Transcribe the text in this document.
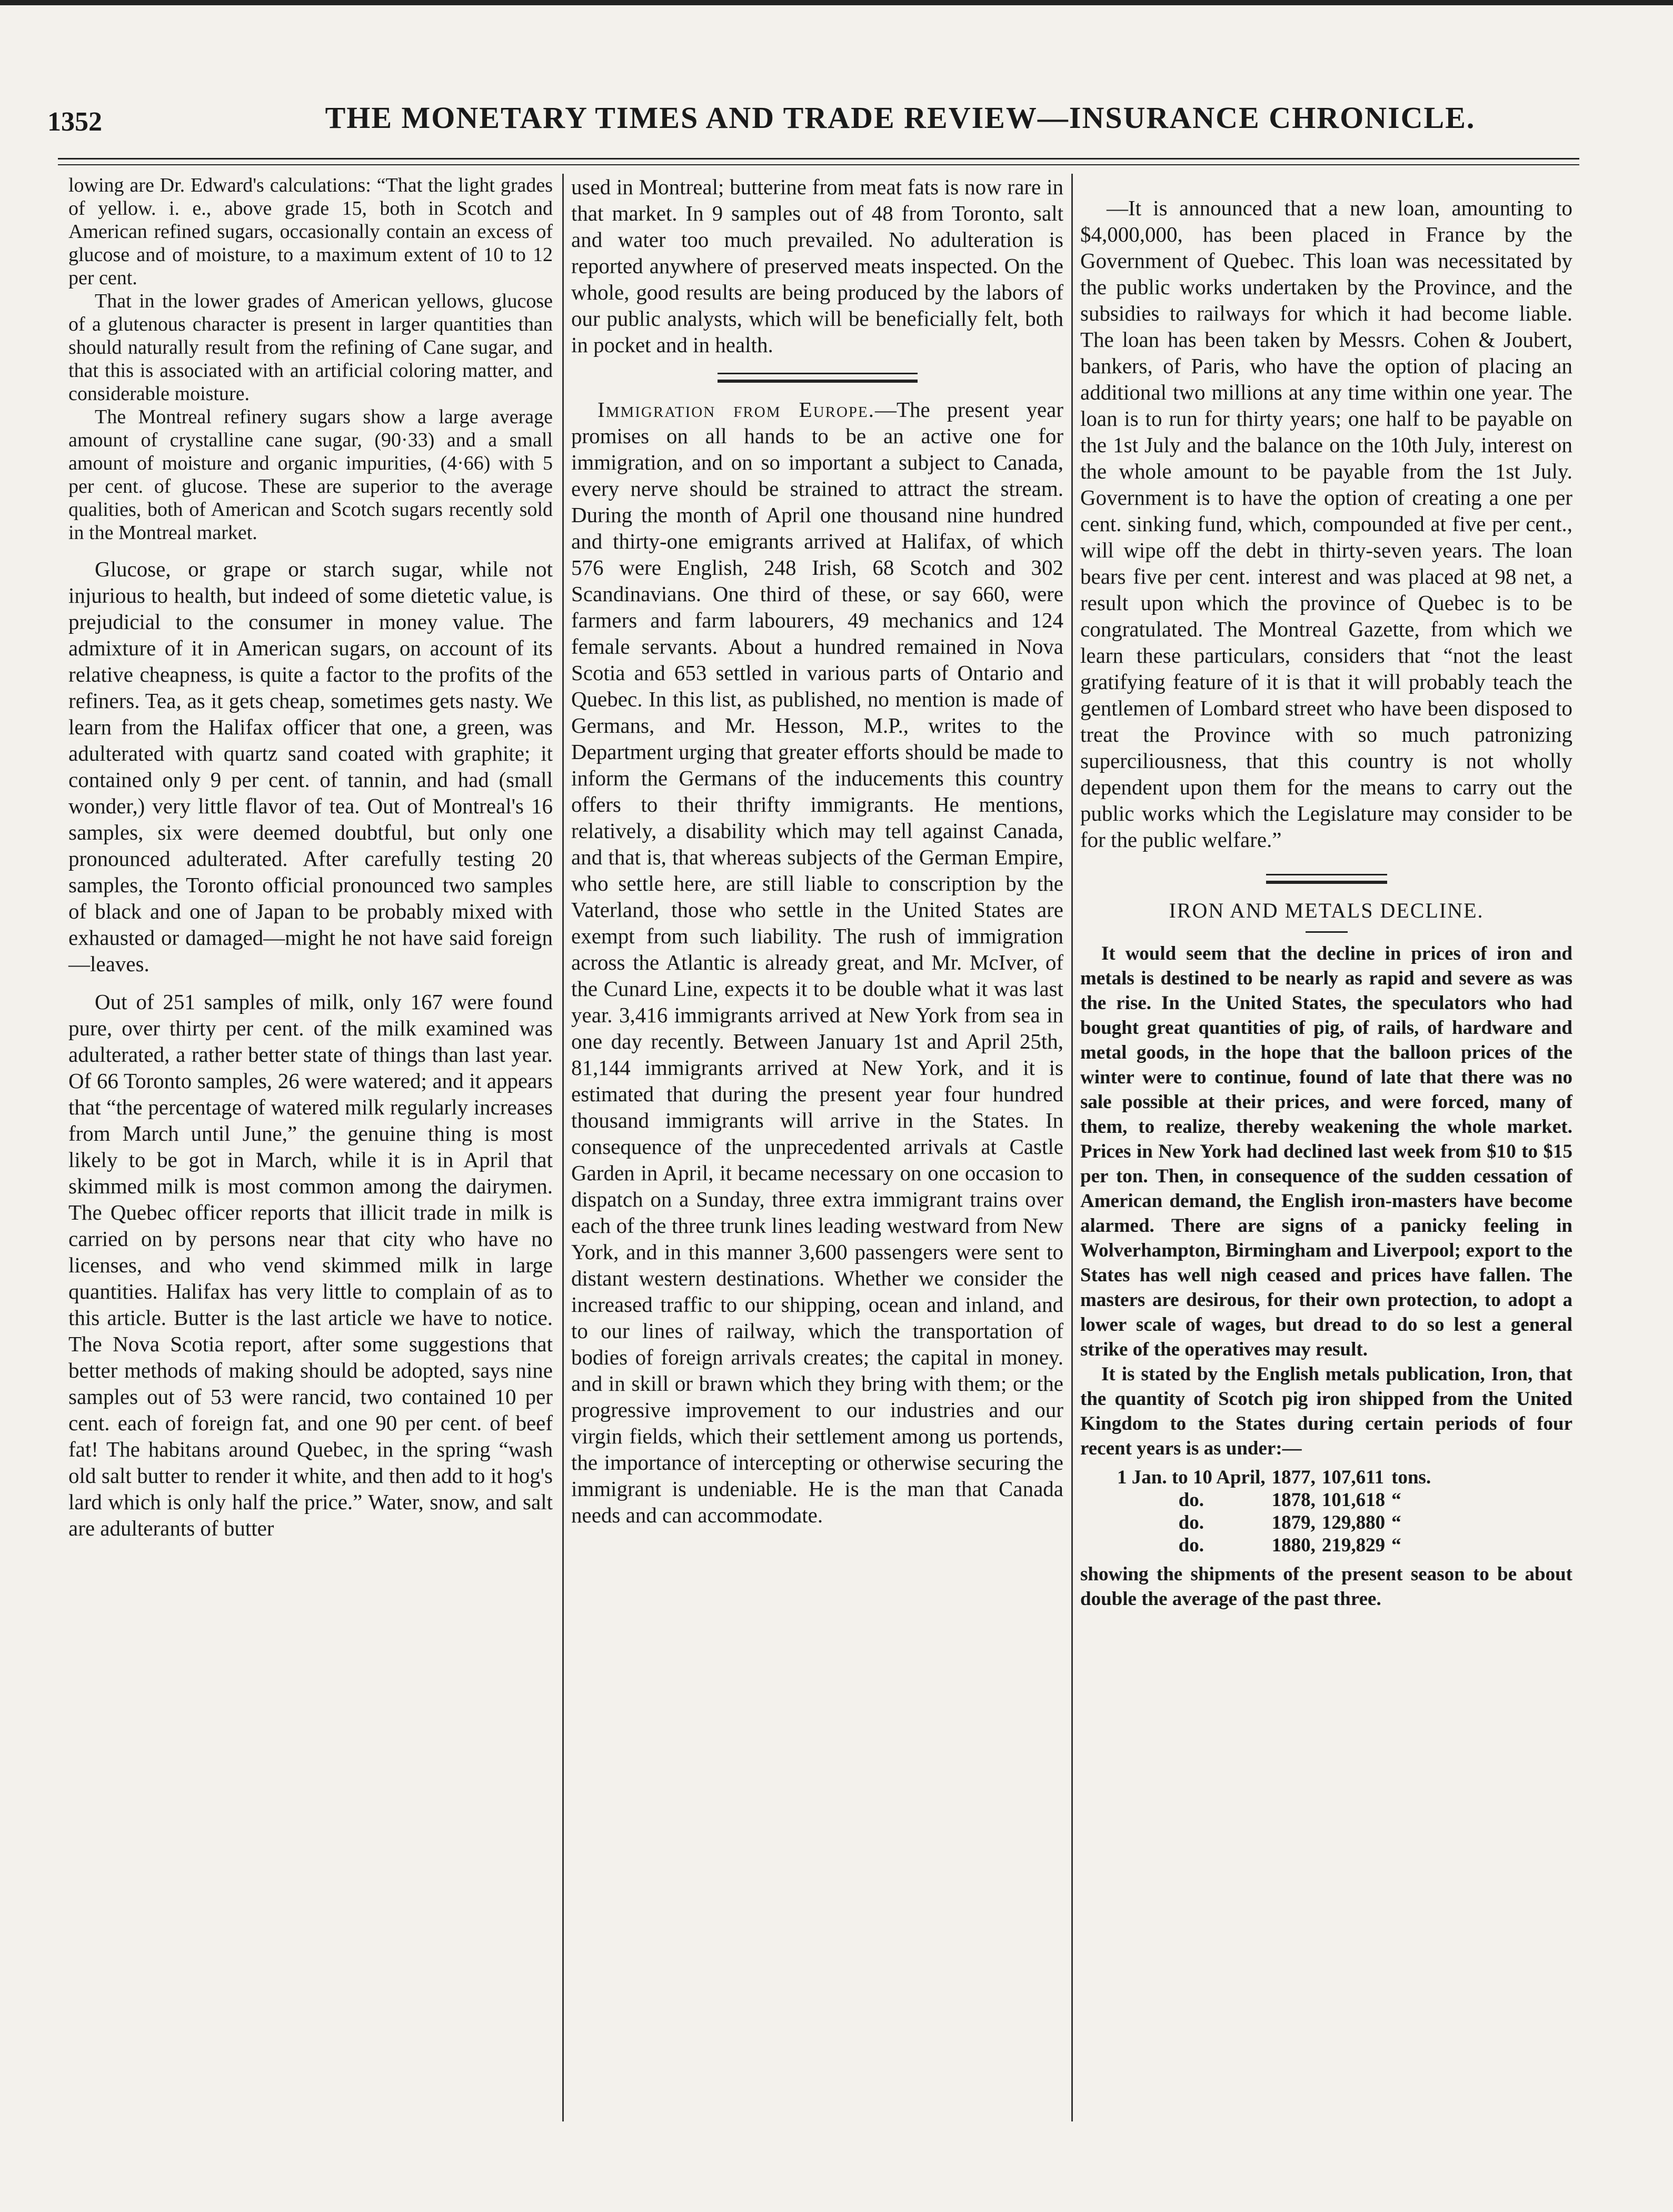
1352	THE MONETARY TIMES AND TRADE REVIEW—INSURANCE CHRONICLE.

lowing are Dr. Edward's calculations: “That the light grades of yellow. i. e., above grade 15, both in Scotch and American refined sugars, occasionally contain an excess of glucose and of moisture, to a maximum extent of 10 to 12 per cent.

That in the lower grades of American yellows, glucose of a glutenous character is present in larger quantities than should naturally result from the refining of Cane sugar, and that this is associated with an artificial coloring matter, and considerable moisture.

The Montreal refinery sugars show a large average amount of crystalline cane sugar, (90·33) and a small amount of moisture and organic impurities, (4·66) with 5 per cent. of glucose. These are superior to the average qualities, both of American and Scotch sugars recently sold in the Montreal market.

Glucose, or grape or starch sugar, while not injurious to health, but indeed of some dietetic value, is prejudicial to the consumer in money value. The admixture of it in American sugars, on account of its relative cheapness, is quite a factor to the profits of the refiners. Tea, as it gets cheap, sometimes gets nasty. We learn from the Halifax officer that one, a green, was adulterated with quartz sand coated with graphite; it contained only 9 per cent. of tannin, and had (small wonder,) very little flavor of tea. Out of Montreal's 16 samples, six were deemed doubtful, but only one pronounced adulterated. After carefully testing 20 samples, the Toronto official pronounced two samples of black and one of Japan to be probably mixed with exhausted or damaged—might he not have said foreign —leaves.

Out of 251 samples of milk, only 167 were found pure, over thirty per cent. of the milk examined was adulterated, a rather better state of things than last year. Of 66 Toronto samples, 26 were watered; and it appears that “the percentage of watered milk regularly increases from March until June,” the genuine thing is most likely to be got in March, while it is in April that skimmed milk is most common among the dairymen. The Quebec officer reports that illicit trade in milk is carried on by persons near that city who have no licenses, and who vend skimmed milk in large quantities. Halifax has very little to complain of as to this article. Butter is the last article we have to notice. The Nova Scotia report, after some suggestions that better methods of making should be adopted, says nine samples out of 53 were rancid, two contained 10 per cent. each of foreign fat, and one 90 per cent. of beef fat! The habitans around Quebec, in the spring “wash old salt butter to render it white, and then add to it hog's lard which is only half the price.” Water, snow, and salt are adulterants of butter

used in Montreal; butterine from meat fats is now rare in that market. In 9 samples out of 48 from Toronto, salt and water too much prevailed. No adulteration is reported anywhere of preserved meats inspected. On the whole, good results are being produced by the labors of our public analysts, which will be beneficially felt, both in pocket and in health.

Immigration from Europe.—The present year promises on all hands to be an active one for immigration, and on so important a subject to Canada, every nerve should be strained to attract the stream. During the month of April one thousand nine hundred and thirty-one emigrants arrived at Halifax, of which 576 were English, 248 Irish, 68 Scotch and 302 Scandinavians. One third of these, or say 660, were farmers and farm labourers, 49 mechanics and 124 female servants. About a hundred remained in Nova Scotia and 653 settled in various parts of Ontario and Quebec. In this list, as published, no mention is made of Germans, and Mr. Hesson, M.P., writes to the Department urging that greater efforts should be made to inform the Germans of the inducements this country offers to their thrifty immigrants. He mentions, relatively, a disability which may tell against Canada, and that is, that whereas subjects of the German Empire, who settle here, are still liable to conscription by the Vaterland, those who settle in the United States are exempt from such liability. The rush of immigration across the Atlantic is already great, and Mr. McIver, of the Cunard Line, expects it to be double what it was last year. 3,416 immigrants arrived at New York from sea in one day recently. Between January 1st and April 25th, 81,144 immigrants arrived at New York, and it is estimated that during the present year four hundred thousand immigrants will arrive in the States. In consequence of the unprecedented arrivals at Castle Garden in April, it became necessary on one occasion to dispatch on a Sunday, three extra immigrant trains over each of the three trunk lines leading westward from New York, and in this manner 3,600 passengers were sent to distant western destinations. Whether we consider the increased traffic to our shipping, ocean and inland, and to our lines of railway, which the transportation of bodies of foreign arrivals creates; the capital in money. and in skill or brawn which they bring with them; or the progressive improvement to our industries and our virgin fields, which their settlement among us portends, the importance of intercepting or otherwise securing the immigrant is undeniable. He is the man that Canada needs and can accommodate.

—It is announced that a new loan, amounting to $4,000,000, has been placed in France by the Government of Quebec. This loan was necessitated by the public works undertaken by the Province, and the subsidies to railways for which it had become liable. The loan has been taken by Messrs. Cohen & Joubert, bankers, of Paris, who have the option of placing an additional two millions at any time within one year. The loan is to run for thirty years; one half to be payable on the 1st July and the balance on the 10th July, interest on the whole amount to be payable from the 1st July. Government is to have the option of creating a one per cent. sinking fund, which, compounded at five per cent., will wipe off the debt in thirty-seven years. The loan bears five per cent. interest and was placed at 98 net, a result upon which the province of Quebec is to be congratulated. The Montreal Gazette, from which we learn these particulars, considers that “not the least gratifying feature of it is that it will probably teach the gentlemen of Lombard street who have been disposed to treat the Province with so much patronizing superciliousness, that this country is not wholly dependent upon them for the means to carry out the public works which the Legislature may consider to be for the public welfare.”

IRON AND METALS DECLINE.

It would seem that the decline in prices of iron and metals is destined to be nearly as rapid and severe as was the rise. In the United States, the speculators who had bought great quantities of pig, of rails, of hardware and metal goods, in the hope that the balloon prices of the winter were to continue, found of late that there was no sale possible at their prices, and were forced, many of them, to realize, thereby weakening the whole market. Prices in New York had declined last week from $10 to $15 per ton. Then, in consequence of the sudden cessation of American demand, the English iron-masters have become alarmed. There are signs of a panicky feeling in Wolverhampton, Birmingham and Liverpool; export to the States has well nigh ceased and prices have fallen. The masters are desirous, for their own protection, to adopt a lower scale of wages, but dread to do so lest a general strike of the operatives may result.

It is stated by the English metals publication, Iron, that the quantity of Scotch pig iron shipped from the United Kingdom to the States during certain periods of four recent years is as under:—

1 Jan. to 10 April,	1877,	107,611	tons.
do.	1878,	101,618	“
do.	1879,	129,880	“
do.	1880,	219,829	“

showing the shipments of the present season to be about double the average of the past three.
